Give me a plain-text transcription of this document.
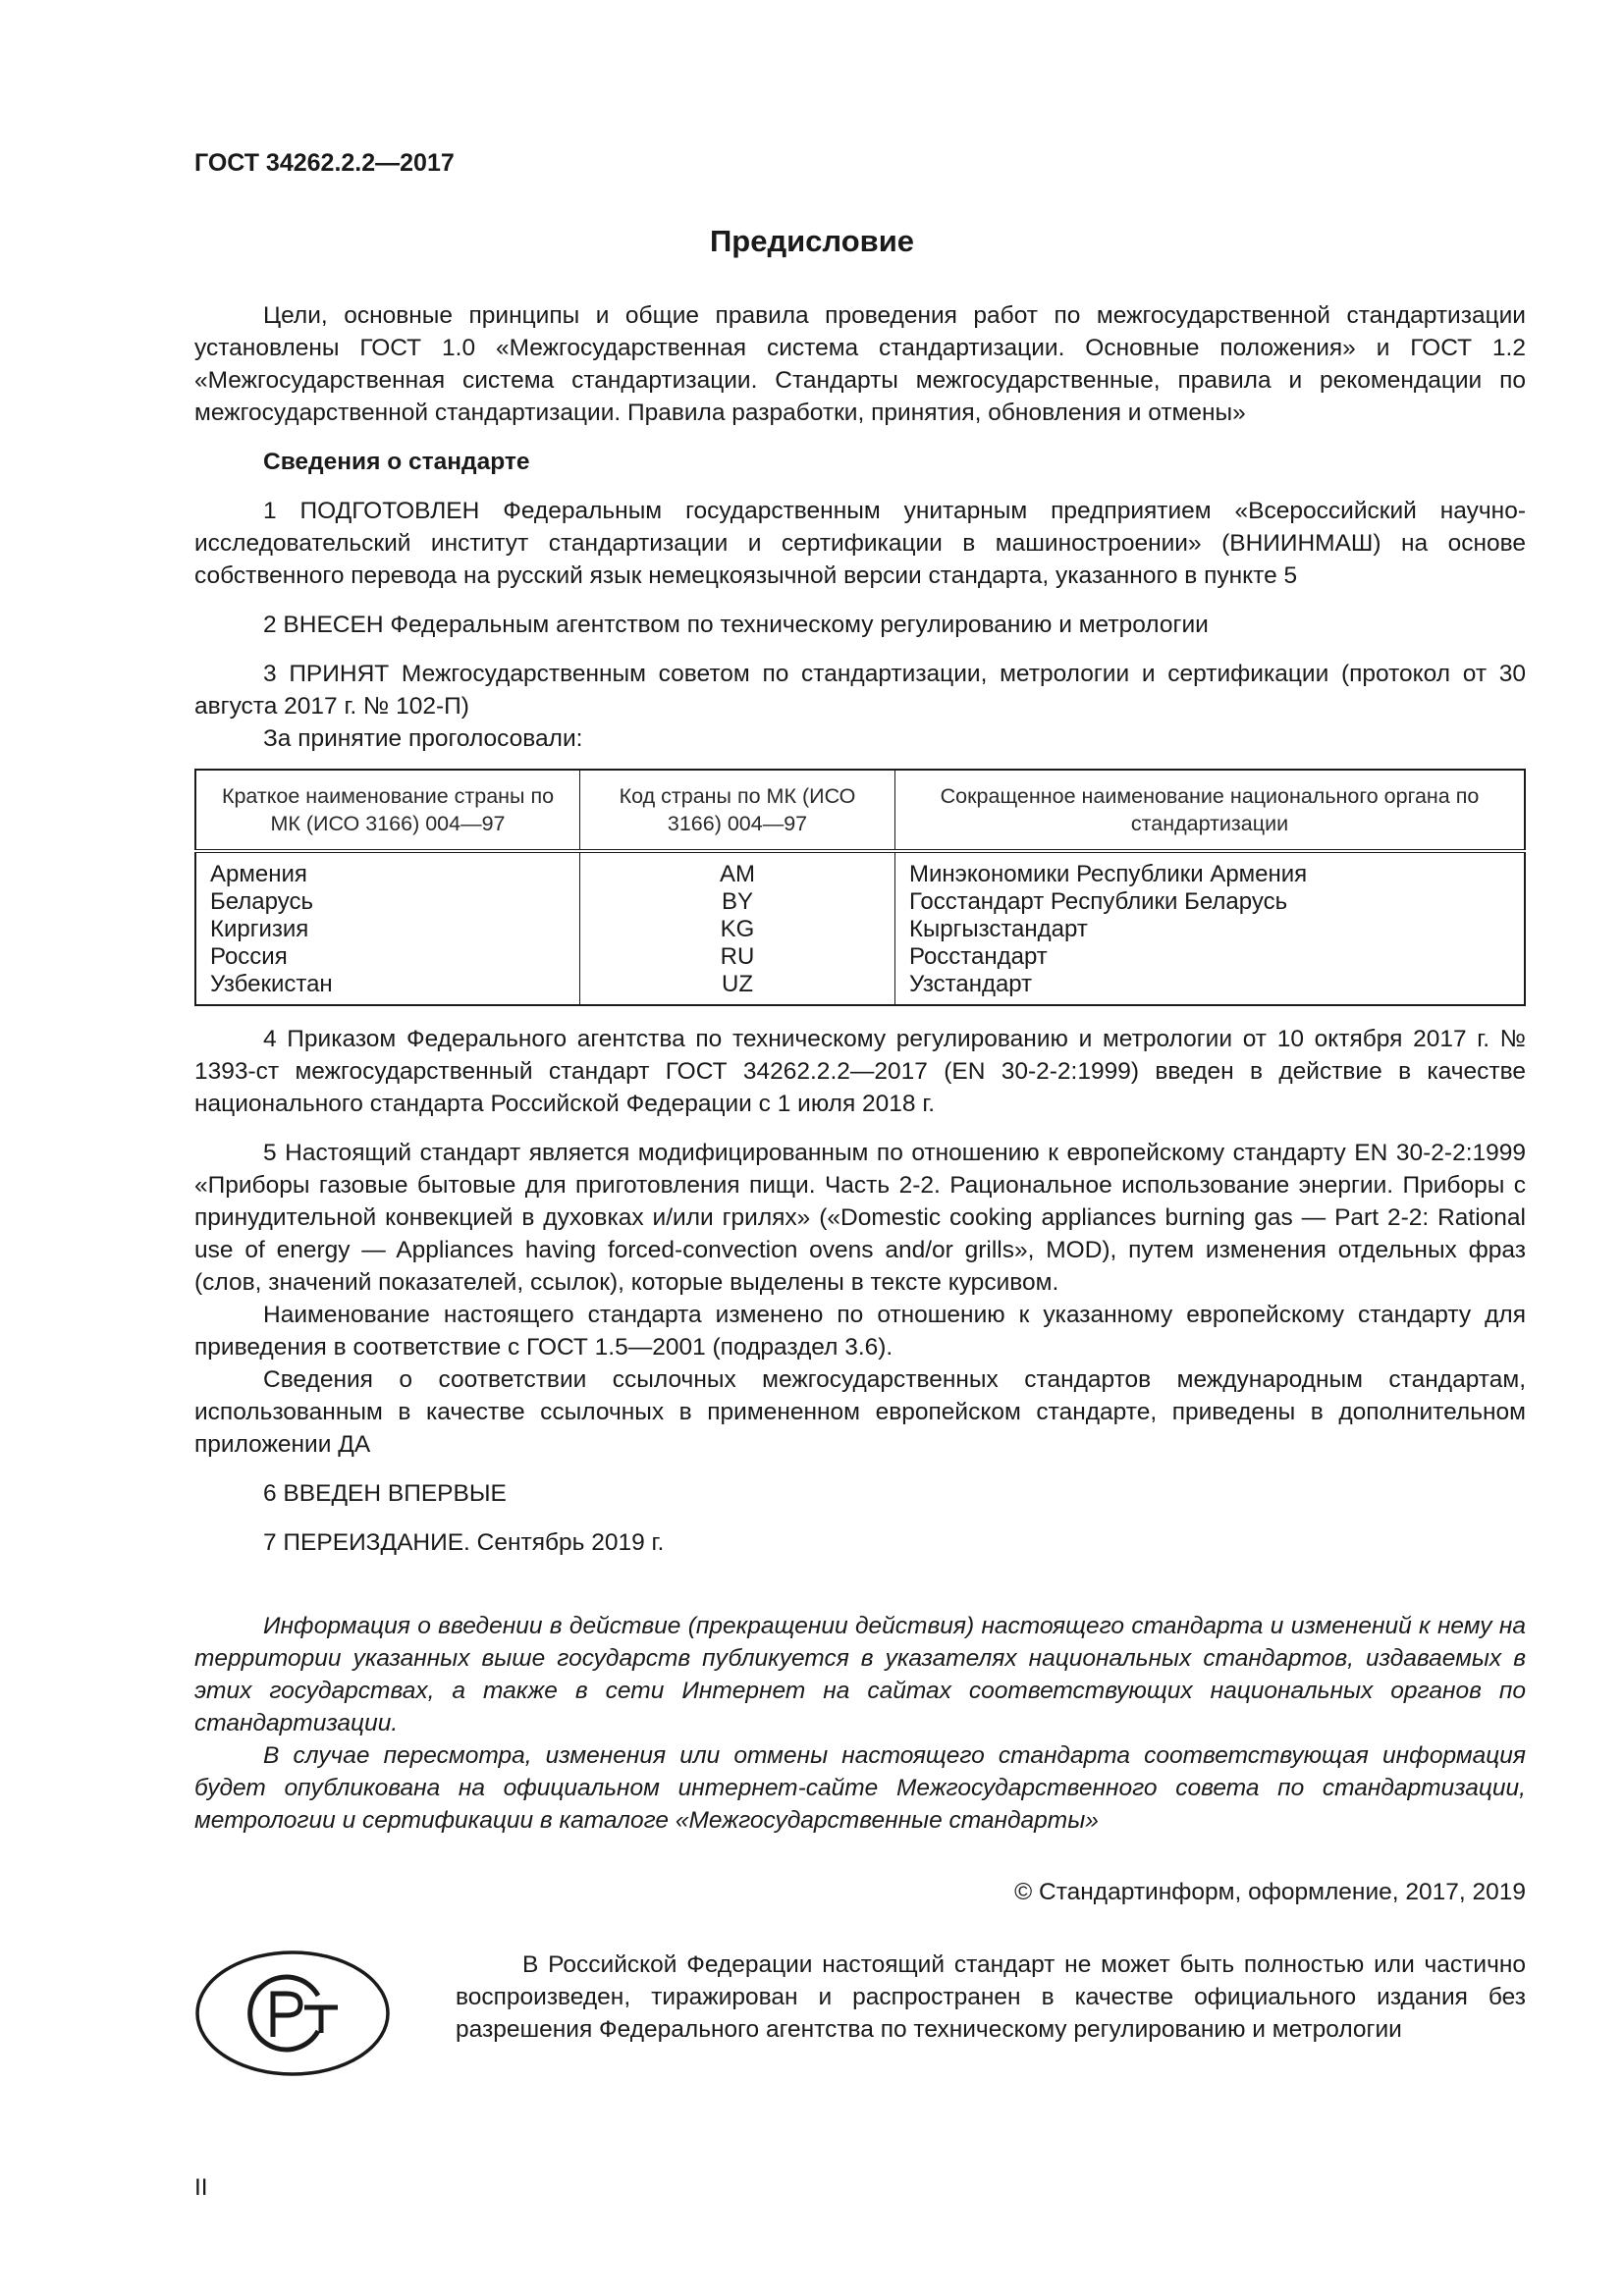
ГОСТ 34262.2.2—2017
Предисловие

Цели, основные принципы и общие правила проведения работ по межгосударственной стандартизации установлены ГОСТ 1.0 «Межгосударственная система стандартизации. Основные положения» и ГОСТ 1.2 «Межгосударственная система стандартизации. Стандарты межгосударственные, правила и рекомендации по межгосударственной стандартизации. Правила разработки, принятия, обновления и отмены»

Сведения о стандарте

1 ПОДГОТОВЛЕН Федеральным государственным унитарным предприятием «Всероссийский научно-исследовательский институт стандартизации и сертификации в машиностроении» (ВНИИНМАШ) на основе собственного перевода на русский язык немецкоязычной версии стандарта, указанного в пункте 5

2 ВНЕСЕН Федеральным агентством по техническому регулированию и метрологии

3 ПРИНЯТ Межгосударственным советом по стандартизации, метрологии и сертификации (протокол от 30 августа 2017 г. № 102-П)

За принятие проголосовали:

Краткое наименование страны по МК (ИСО 3166) 004—97	Код страны по МК (ИСО 3166) 004—97	Сокращенное наименование национального органа по стандартизации
Армения	AM	Минэкономики Республики Армения
Беларусь	BY	Госстандарт Республики Беларусь
Киргизия	KG	Кыргызстандарт
Россия	RU	Росстандарт
Узбекистан	UZ	Узстандарт

4 Приказом Федерального агентства по техническому регулированию и метрологии от 10 октября 2017 г. № 1393-ст межгосударственный стандарт ГОСТ 34262.2.2—2017 (EN 30-2-2:1999) введен в действие в качестве национального стандарта Российской Федерации с 1 июля 2018 г.

5 Настоящий стандарт является модифицированным по отношению к европейскому стандарту EN 30-2-2:1999 «Приборы газовые бытовые для приготовления пищи. Часть 2-2. Рациональное использование энергии. Приборы с принудительной конвекцией в духовках и/или грилях» («Domestic cooking appliances burning gas — Part 2-2: Rational use of energy — Appliances having forced-convection ovens and/or grills», MOD), путем изменения отдельных фраз (слов, значений показателей, ссылок), которые выделены в тексте курсивом.

Наименование настоящего стандарта изменено по отношению к указанному европейскому стандарту для приведения в соответствие с ГОСТ 1.5—2001 (подраздел 3.6).

Сведения о соответствии ссылочных межгосударственных стандартов международным стандартам, использованным в качестве ссылочных в примененном европейском стандарте, приведены в дополнительном приложении ДА

6 ВВЕДЕН ВПЕРВЫЕ

7 ПЕРЕИЗДАНИЕ. Сентябрь 2019 г.

Информация о введении в действие (прекращении действия) настоящего стандарта и изменений к нему на территории указанных выше государств публикуется в указателях национальных стандартов, издаваемых в этих государствах, а также в сети Интернет на сайтах соответствующих национальных органов по стандартизации.

В случае пересмотра, изменения или отмены настоящего стандарта соответствующая информация будет опубликована на официальном интернет-сайте Межгосударственного совета по стандартизации, метрологии и сертификации в каталоге «Межгосударственные стандарты»

© Стандартинформ, оформление, 2017, 2019

В Российской Федерации настоящий стандарт не может быть полностью или частично воспроизведен, тиражирован и распространен в качестве официального издания без разрешения Федерального агентства по техническому регулированию и метрологии
II
